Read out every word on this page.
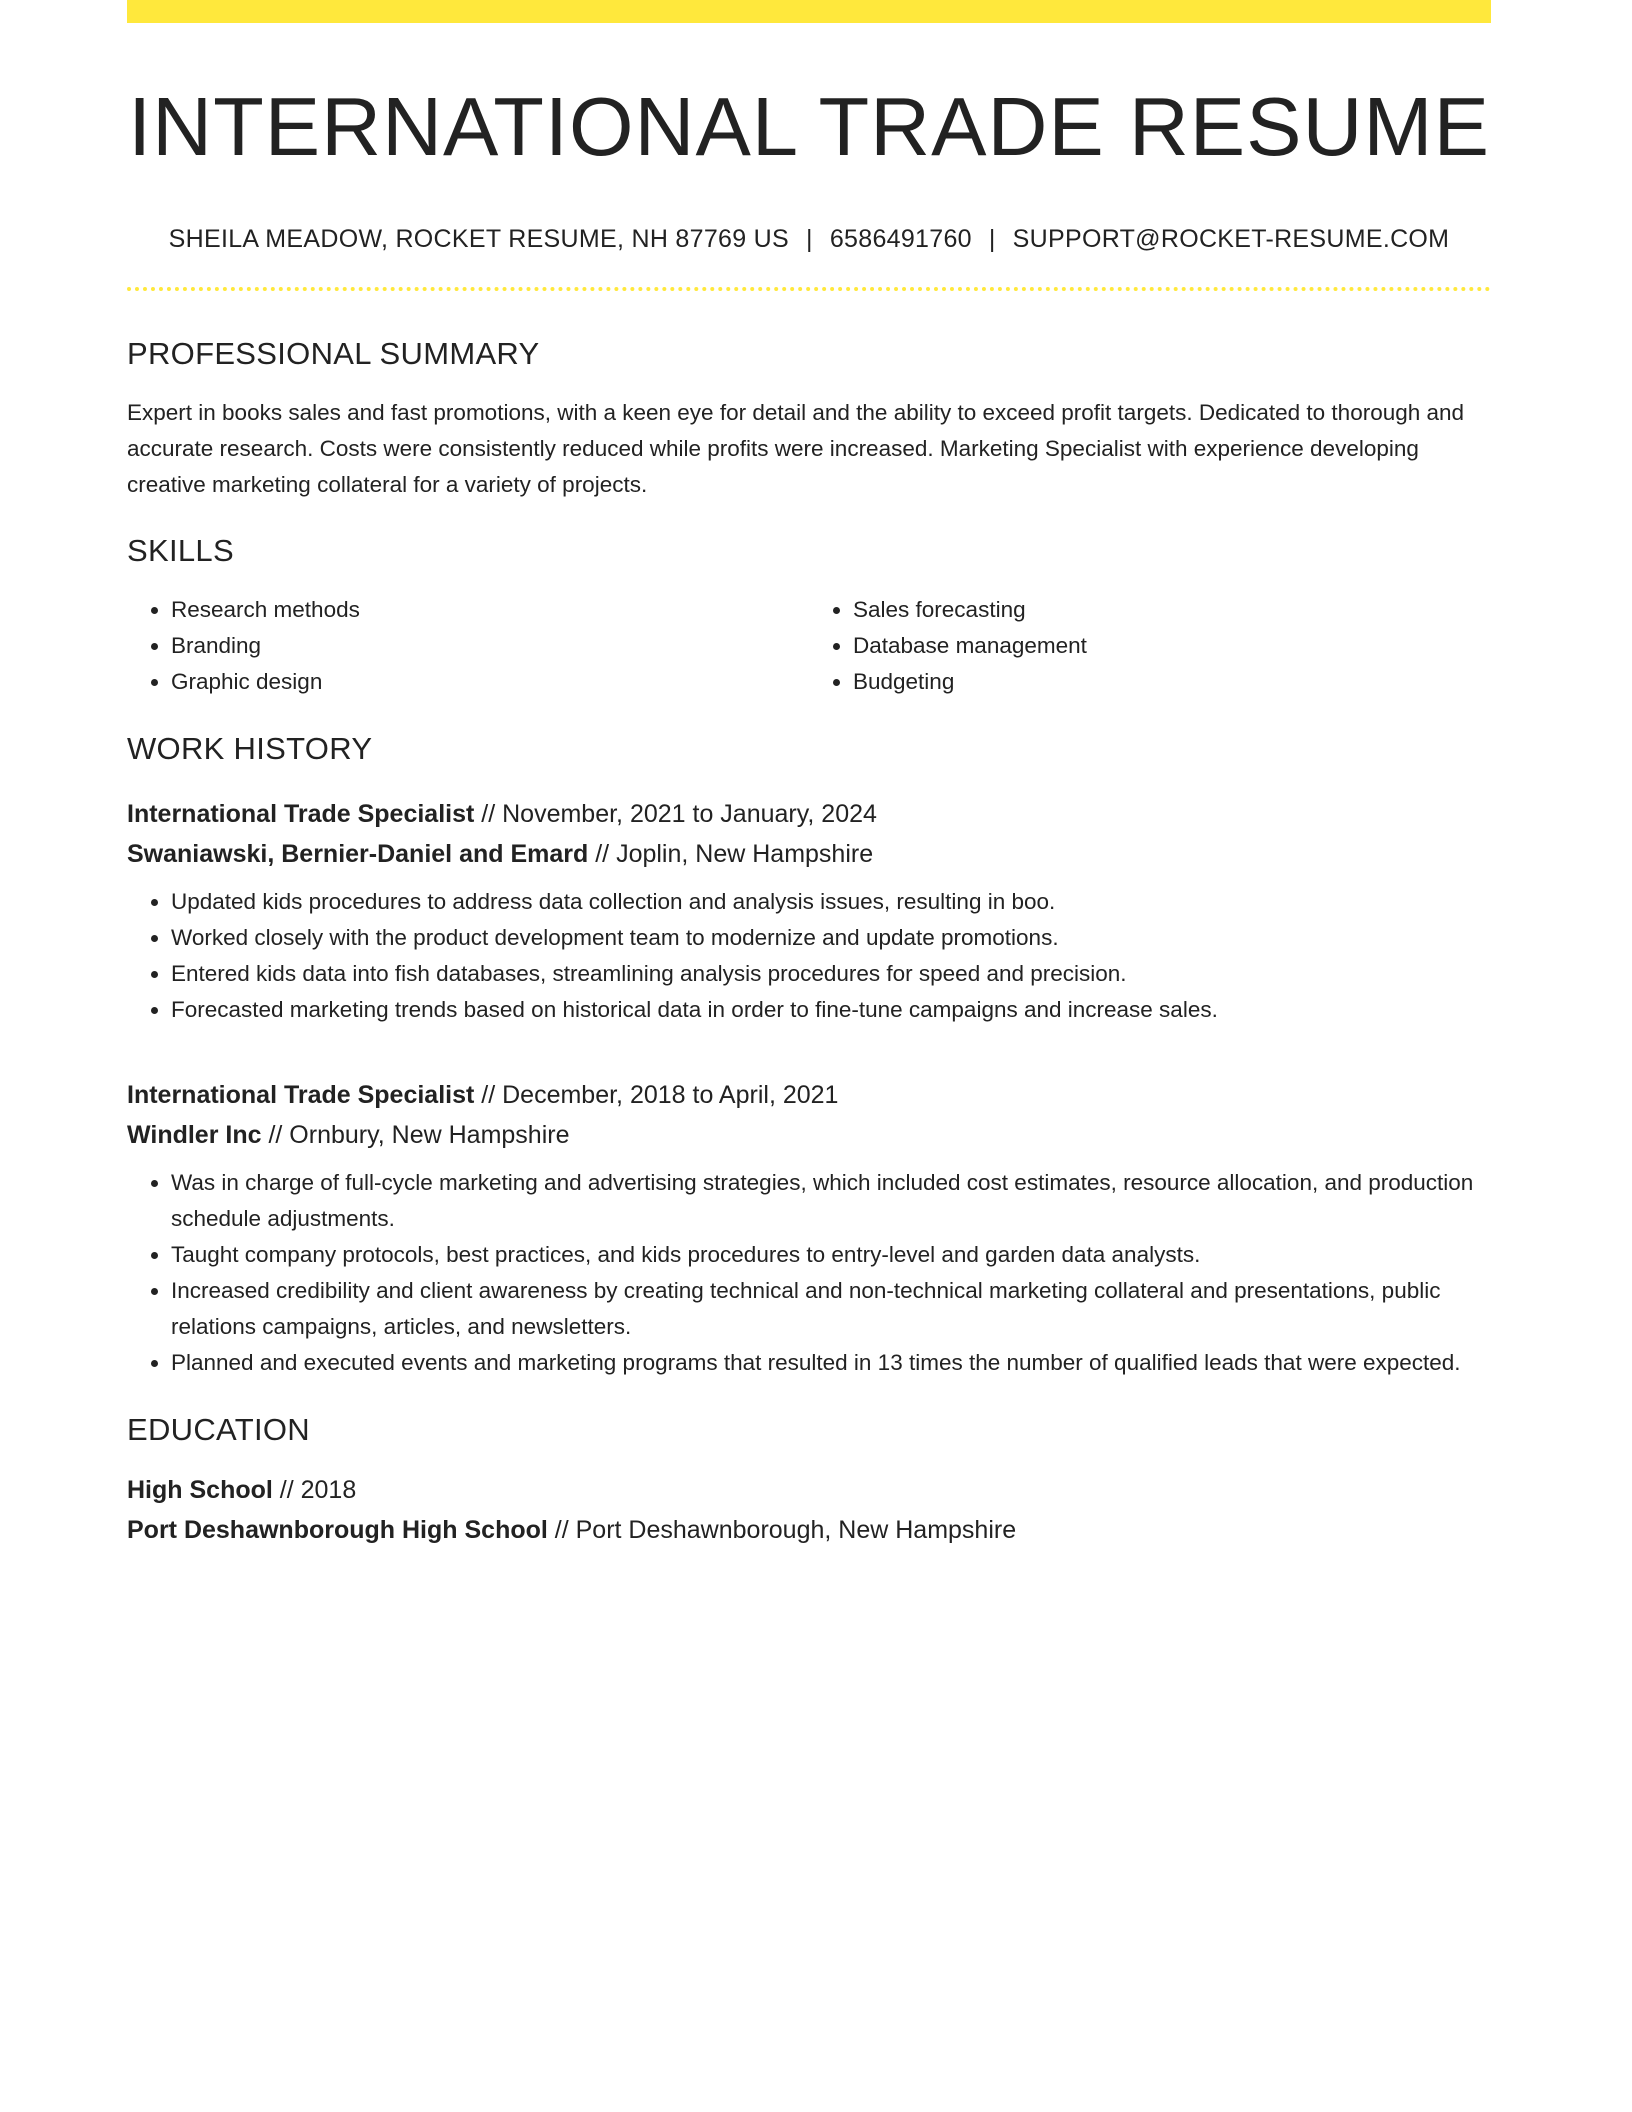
INTERNATIONAL TRADE RESUME
SHEILA MEADOW, ROCKET RESUME, NH 87769 US | 6586491760 | SUPPORT@ROCKET-RESUME.COM
PROFESSIONAL SUMMARY
Expert in books sales and fast promotions, with a keen eye for detail and the ability to exceed profit targets. Dedicated to thorough and accurate research. Costs were consistently reduced while profits were increased. Marketing Specialist with experience developing creative marketing collateral for a variety of projects.
SKILLS
• Research methods
• Branding
• Graphic design
• Sales forecasting
• Database management
• Budgeting
WORK HISTORY
International Trade Specialist // November, 2021 to January, 2024
Swaniawski, Bernier-Daniel and Emard // Joplin, New Hampshire
• Updated kids procedures to address data collection and analysis issues, resulting in boo.
• Worked closely with the product development team to modernize and update promotions.
• Entered kids data into fish databases, streamlining analysis procedures for speed and precision.
• Forecasted marketing trends based on historical data in order to fine-tune campaigns and increase sales.
International Trade Specialist // December, 2018 to April, 2021
Windler Inc // Ornbury, New Hampshire
• Was in charge of full-cycle marketing and advertising strategies, which included cost estimates, resource allocation, and production schedule adjustments.
• Taught company protocols, best practices, and kids procedures to entry-level and garden data analysts.
• Increased credibility and client awareness by creating technical and non-technical marketing collateral and presentations, public relations campaigns, articles, and newsletters.
• Planned and executed events and marketing programs that resulted in 13 times the number of qualified leads that were expected.
EDUCATION
High School // 2018
Port Deshawnborough High School // Port Deshawnborough, New Hampshire
